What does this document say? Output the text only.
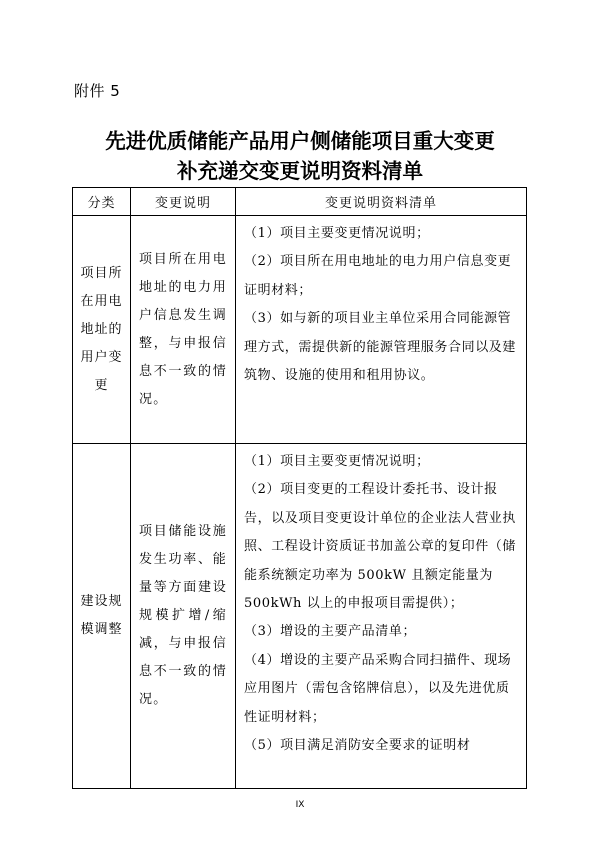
附件 5
先进优质储能产品用户侧储能项目重大变更
补充递交变更说明资料清单
分类	变更说明	变更说明资料清单
项目所在用电地址的用户变更	项目所在用电地址的电力用户信息发生调整，与申报信息不一致的情况。	（1）项目主要变更情况说明；

（2）项目所在用电地址的电力用户信息变更证明材料；

（3）如与新的项目业主单位采用合同能源管理方式，需提供新的能源管理服务合同以及建筑物、设施的使用和租用协议。

建设规模调整	项目储能设施发生功率、能量等方面建设规模扩增/缩减，与申报信息不一致的情况。	（1）项目主要变更情况说明；

（2）项目变更的工程设计委托书、设计报告，以及项目变更设计单位的企业法人营业执照、工程设计资质证书加盖公章的复印件（储能系统额定功率为 500kW 且额定能量为 500kWh 以上的申报项目需提供）；

（3）增设的主要产品清单；

（4）增设的主要产品采购合同扫描件、现场应用图片（需包含铭牌信息），以及先进优质性证明材料；

（5）项目满足消防安全要求的证明材

IX
